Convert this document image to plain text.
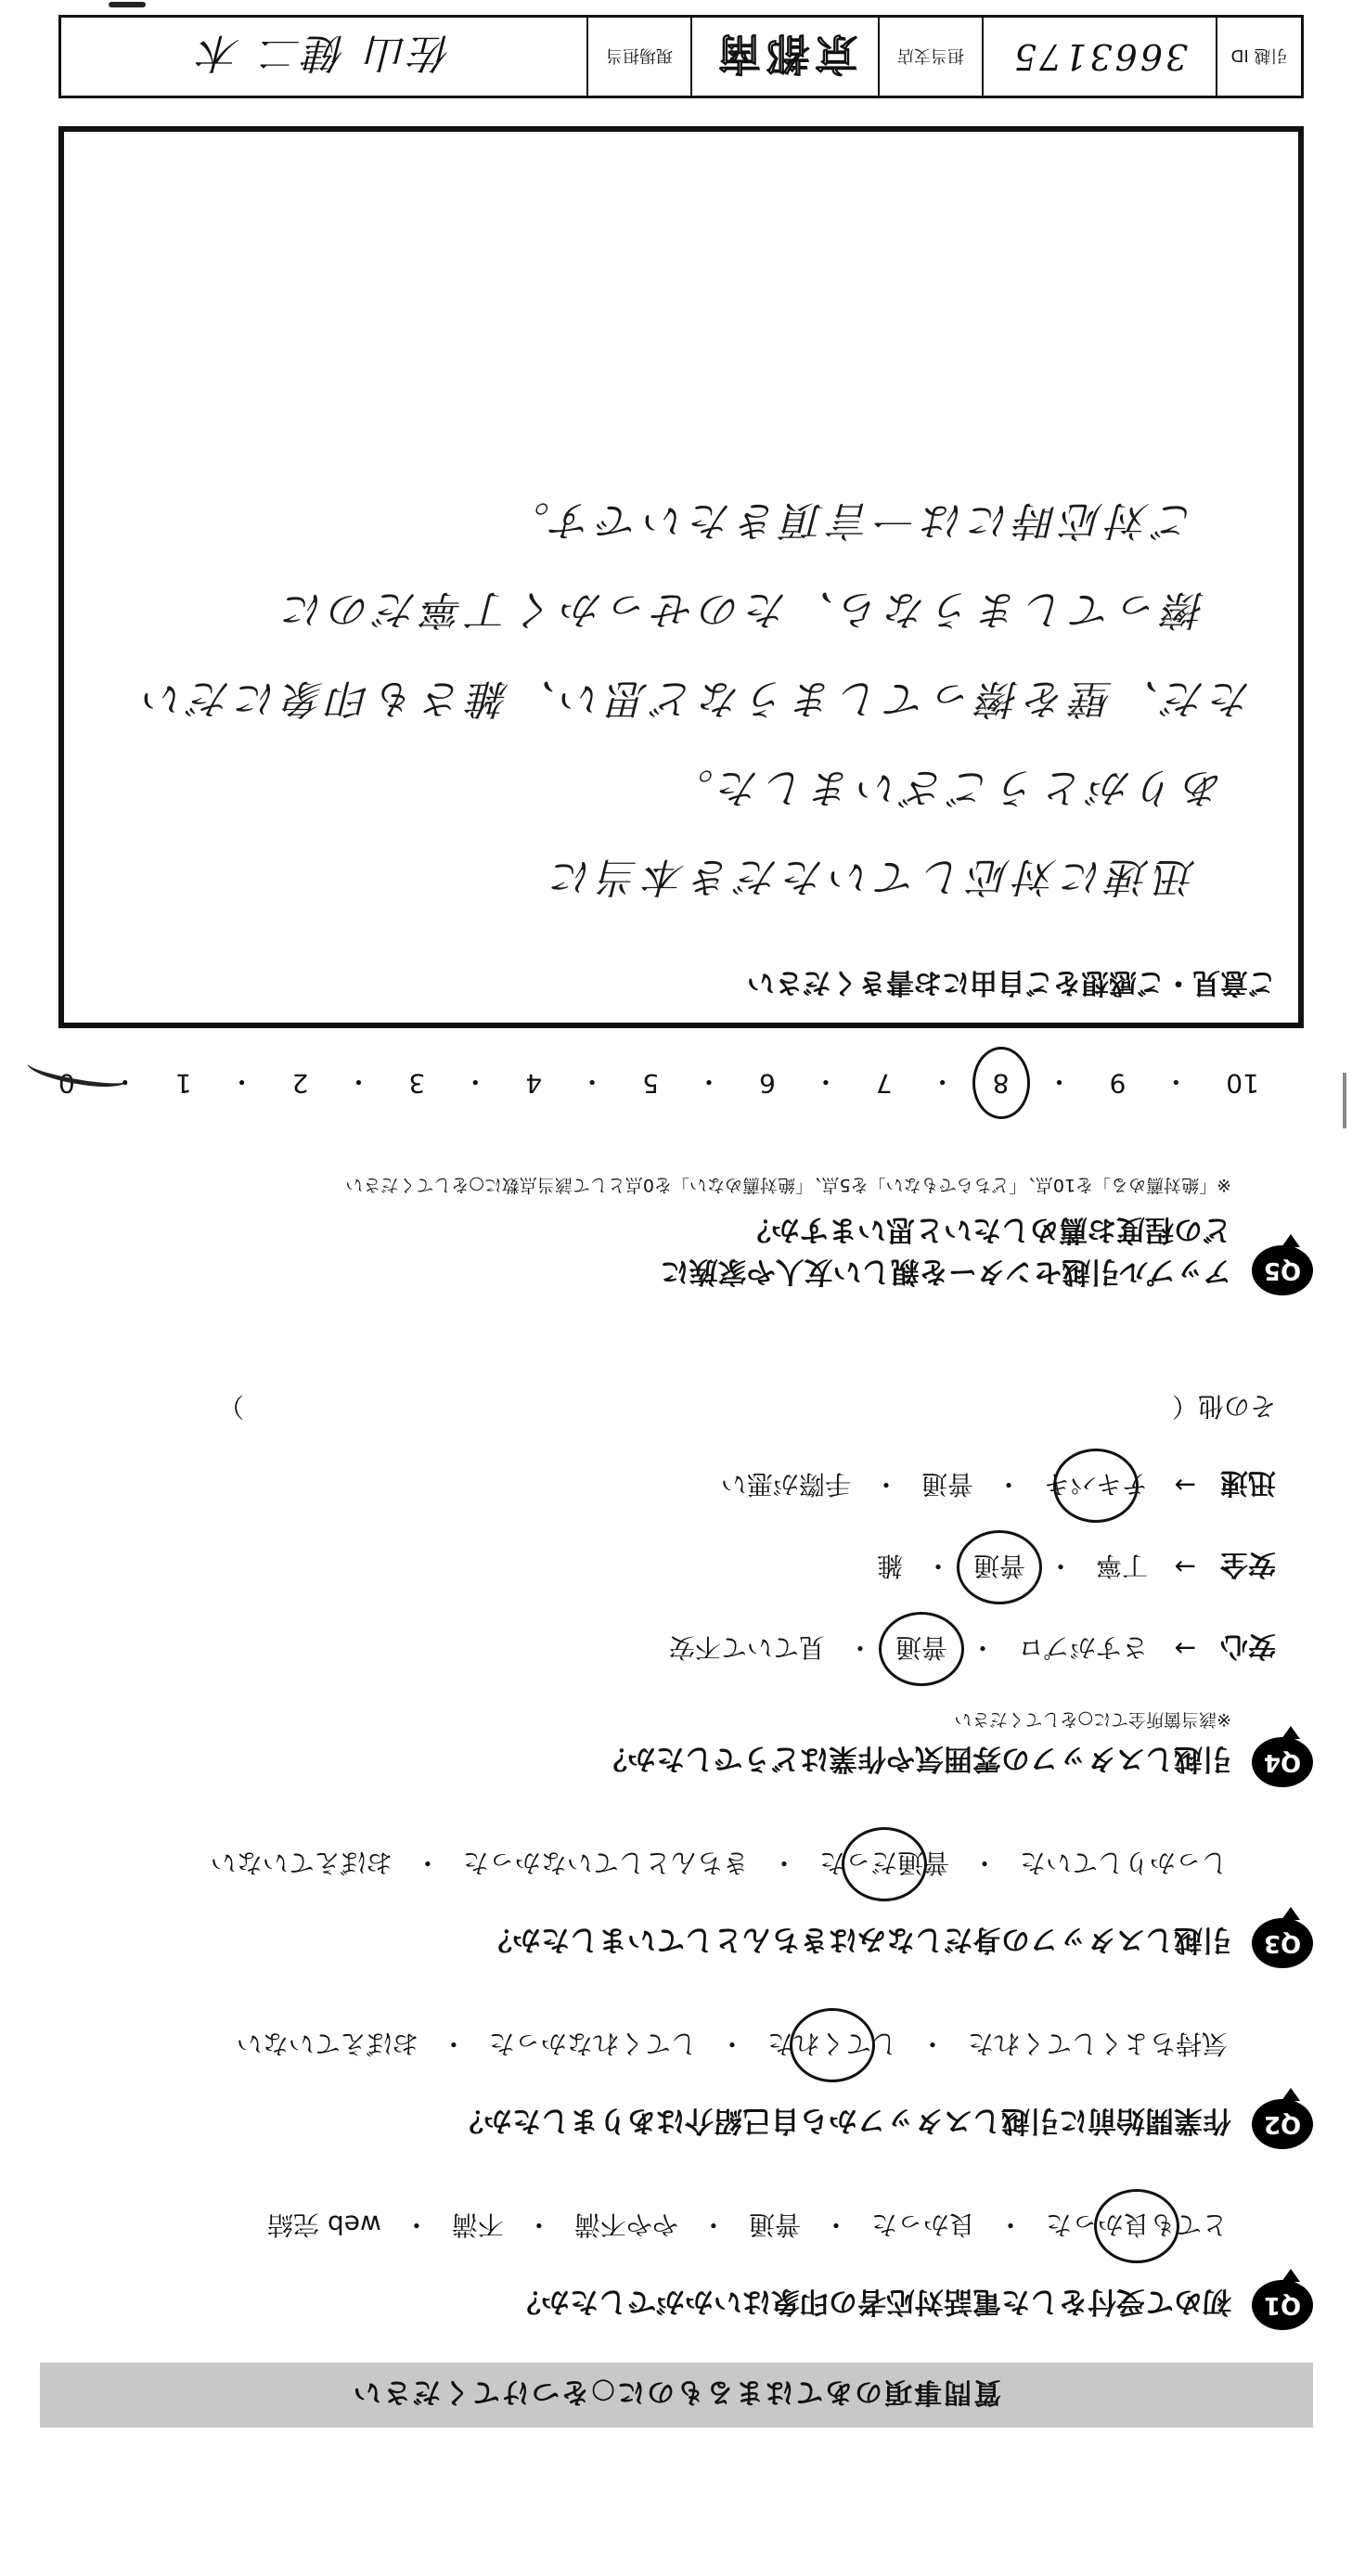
質問事項のあてはまるものに○をつけてください
Q1
初めて受付をした電話対応者の印象はいかがでしたか？
とても良かった
・
良かった
・
普通
・
やや不満
・
不満
・
web 完結
Q2
作業開始前に引越しスタッフから自己紹介はありましたか？
気持ちよくしてくれた
・
してくれた
・
してくれなかった
・
おぼえていない
Q3
引越しスタッフの身だしなみはきちんとしていましたか？
しっかりしていた
・
普通だった
・
きちんとしていなかった
・
おぼえていない
Q4
引越しスタッフの雰囲気や作業はどうでしたか？
※該当箇所全てに○をしてください
安心
→
さすがプロ
・
普通
・
見ていて不安
安全
→
丁寧
・
普通
・
雑
迅速
→
テキパキ
・
普通
・
手際が悪い
その他（
）
Q5
アップル引越センターを親しい友人や家族に
どの程度お薦めしたいと思いますか？
※「絶対薦める」を10点、「どちらでもない」を5点、「絶対薦めない」を0点として該当点数に○をしてください
10
・
9
・
8
・
7
・
6
・
5
・
4
・
3
・
2
・
1
・
0
ご意見・ご感想をご自由にお書きください
迅速に対応していただき本当に
ありがとうございました。
ただ、壁を擦ってしまうなど思い、雑さも印象にだい
擦ってしまうなら、たのせっかく丁寧だのに
ご対応時には一言頂きたいです。
引越 ID
3663175
担当支店
京都南
現場担当
佐山 健二 木
